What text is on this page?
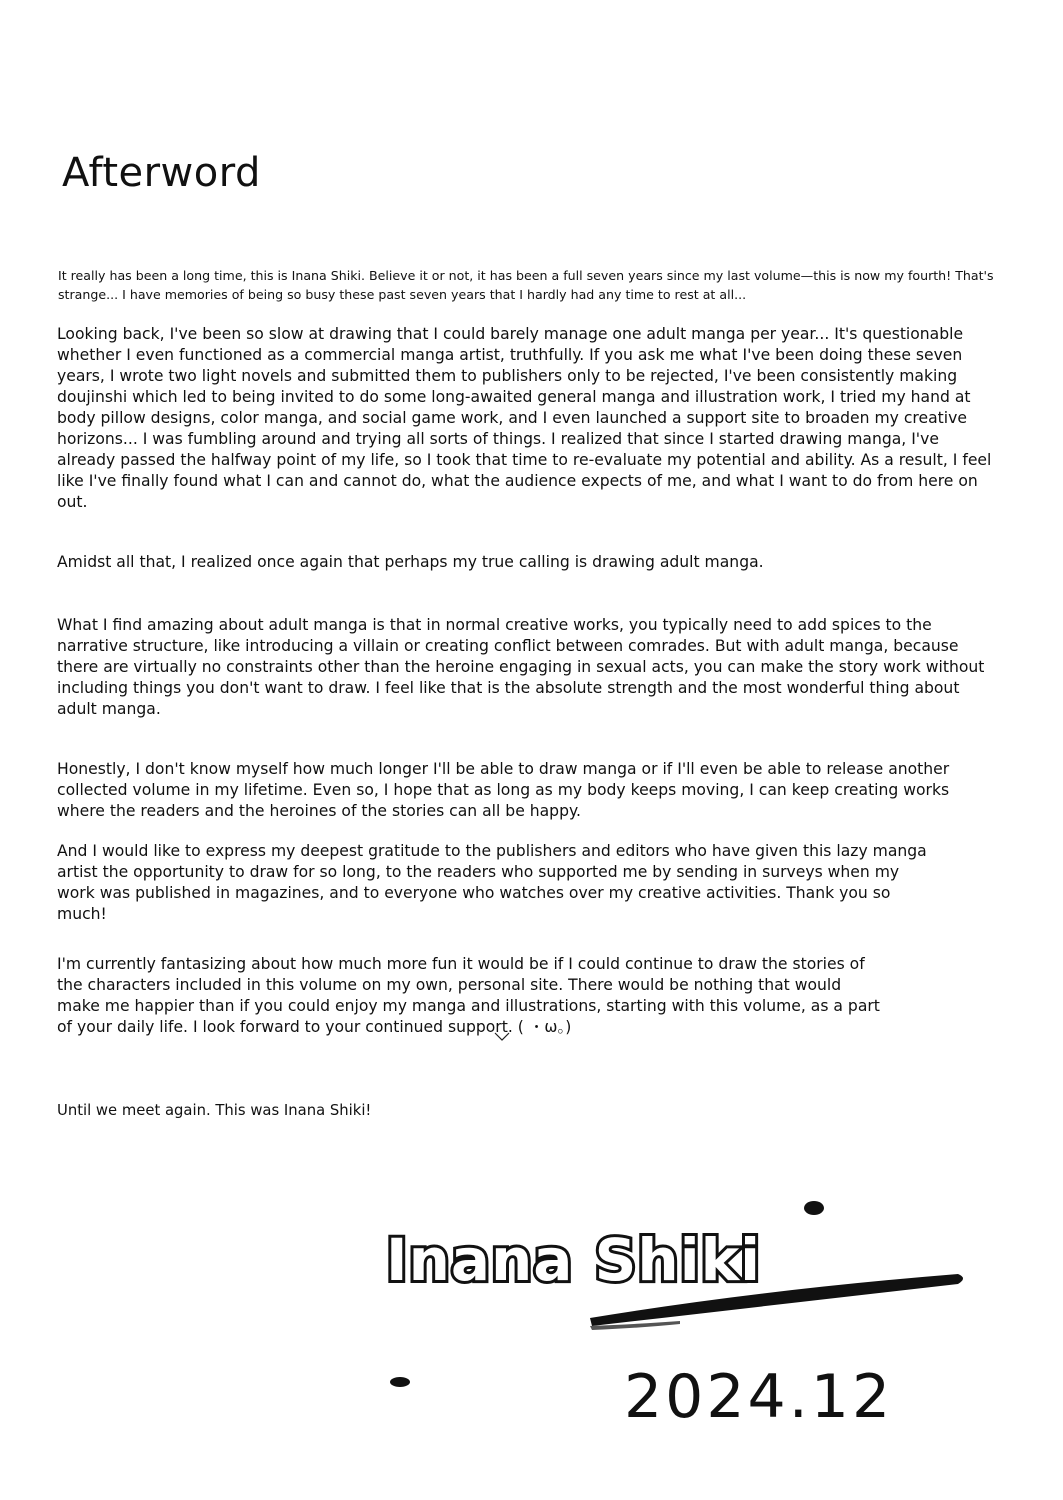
Afterword

It really has been a long time, this is Inana Shiki. Believe it or not, it has been a full seven years since my last volume—this is now my fourth! That's strange... I have memories of being so busy these past seven years that I hardly had any time to rest at all...

Looking back, I've been so slow at drawing that I could barely manage one adult manga per year... It's questionable whether I even functioned as a commercial manga artist, truthfully. If you ask me what I've been doing these seven years, I wrote two light novels and submitted them to publishers only to be rejected, I've been consistently making doujinshi which led to being invited to do some long-awaited general manga and illustration work, I tried my hand at body pillow designs, color manga, and social game work, and I even launched a support site to broaden my creative horizons... I was fumbling around and trying all sorts of things. I realized that since I started drawing manga, I've already passed the halfway point of my life, so I took that time to re-evaluate my potential and ability. As a result, I feel like I've finally found what I can and cannot do, what the audience expects of me, and what I want to do from here on out.

Amidst all that, I realized once again that perhaps my true calling is drawing adult manga.

What I find amazing about adult manga is that in normal creative works, you typically need to add spices to the narrative structure, like introducing a villain or creating conflict between comrades. But with adult manga, because there are virtually no constraints other than the heroine engaging in sexual acts, you can make the story work without including things you don't want to draw. I feel like that is the absolute strength and the most wonderful thing about adult manga.

Honestly, I don't know myself how much longer I'll be able to draw manga or if I'll even be able to release another collected volume in my lifetime. Even so, I hope that as long as my body keeps moving, I can keep creating works where the readers and the heroines of the stories can all be happy.

And I would like to express my deepest gratitude to the publishers and editors who have given this lazy manga artist the opportunity to draw for so long, to the readers who supported me by sending in surveys when my work was published in magazines, and to everyone who watches over my creative activities. Thank you so much!

I'm currently fantasizing about how much more fun it would be if I could continue to draw the stories of the characters included in this volume on my own, personal site. There would be nothing that would make me happier than if you could enjoy my manga and illustrations, starting with this volume, as a part of your daily life. I look forward to your continued support. ( ・ω。)

Until we meet again. This was Inana Shiki!

Inana Shiki
2024.12
